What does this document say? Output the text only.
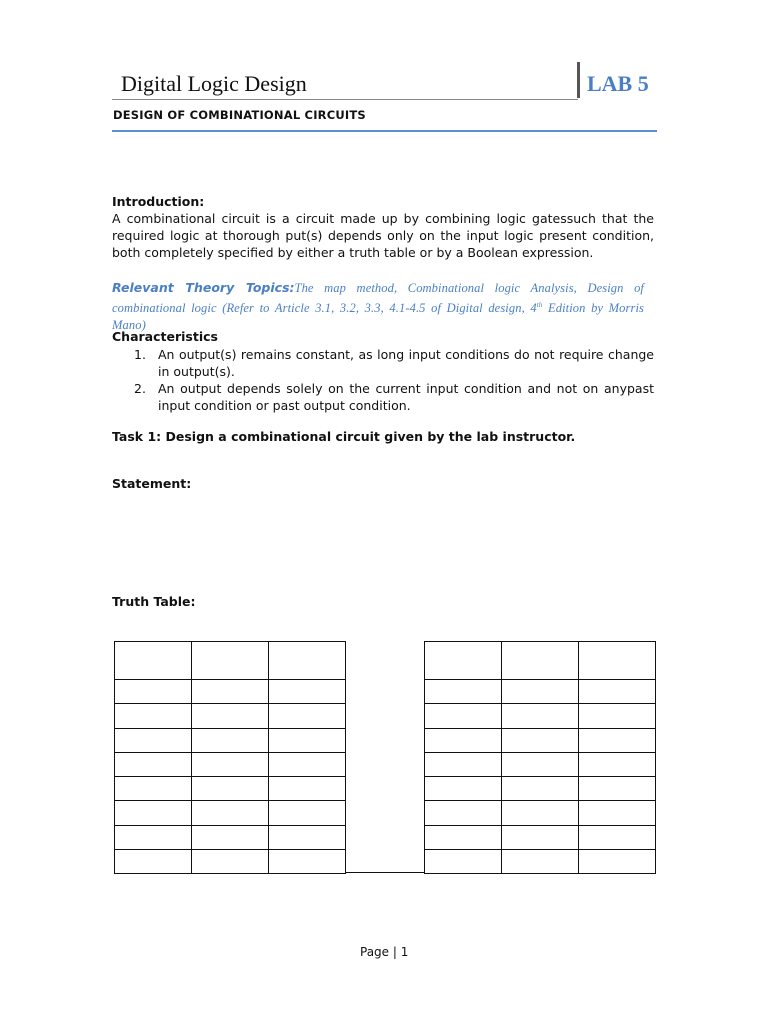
Digital Logic Design	LAB 5
DESIGN OF COMBINATIONAL CIRCUITS
Introduction:
A combinational circuit is a circuit made up by combining logic gatessuch that the required logic at thorough put(s) depends only on the input logic present condition, both completely specified by either a truth table or by a Boolean expression.
Relevant Theory Topics:The map method, Combinational logic Analysis, Design of combinational logic (Refer to Article 3.1, 3.2, 3.3, 4.1-4.5 of Digital design, 4th Edition by Morris Mano)
Characteristics
1. An output(s) remains constant, as long input conditions do not require change in output(s).
2. An output depends solely on the current input condition and not on anypast input condition or past output condition.
Task 1: Design a combinational circuit given by the lab instructor.
Statement:
Truth Table:

Page | 1
